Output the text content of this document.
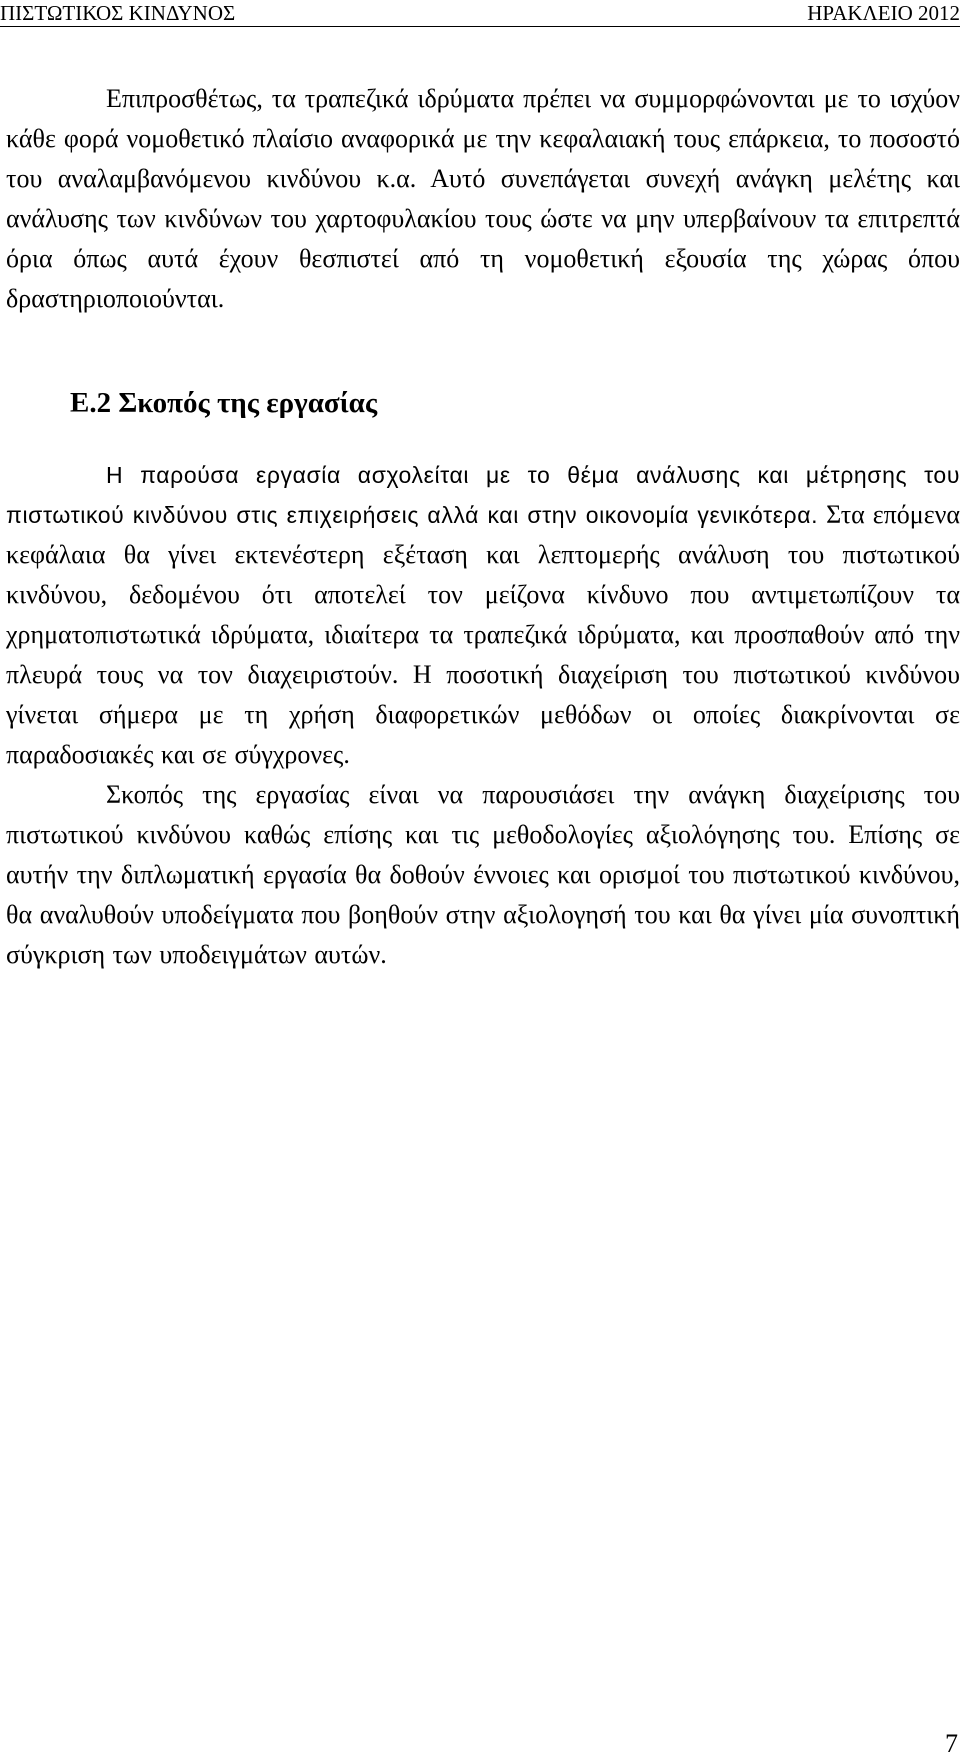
ΠΙΣΤΩΤΙΚΟΣ ΚΙΝΔΥΝΟΣ	ΗΡΑΚΛΕΙΟ 2012

Επιπροσθέτως, τα τραπεζικά ιδρύματα πρέπει να συμμορφώνονται με το ισχύον κάθε φορά νομοθετικό πλαίσιο αναφορικά με την κεφαλαιακή τους επάρκεια, το ποσοστό του αναλαμβανόμενου κινδύνου κ.α. Αυτό συνεπάγεται συνεχή ανάγκη μελέτης και ανάλυσης των κινδύνων του χαρτοφυλακίου τους ώστε να μην υπερβαίνουν τα επιτρεπτά όρια όπως αυτά έχουν θεσπιστεί από τη νομοθετική εξουσία της χώρας όπου δραστηριοποιούνται.

Ε.2 Σκοπός της εργασίας

Η παρούσα εργασία ασχολείται με το θέμα ανάλυσης και μέτρησης του πιστωτικού κινδύνου στις επιχειρήσεις αλλά και στην οικονομία γενικότερα. Στα επόμενα κεφάλαια θα γίνει εκτενέστερη εξέταση και λεπτομερής ανάλυση του πιστωτικού κινδύνου, δεδομένου ότι αποτελεί τον μείζονα κίνδυνο που αντιμετωπίζουν τα χρηματοπιστωτικά ιδρύματα, ιδιαίτερα τα τραπεζικά ιδρύματα, και προσπαθούν από την πλευρά τους να τον διαχειριστούν. Η ποσοτική διαχείριση του πιστωτικού κινδύνου γίνεται σήμερα με τη χρήση διαφορετικών μεθόδων οι οποίες διακρίνονται σε παραδοσιακές και σε σύγχρονες.

Σκοπός της εργασίας είναι να παρουσιάσει την ανάγκη διαχείρισης του πιστωτικού κινδύνου καθώς επίσης και τις μεθοδολογίες αξιολόγησης του. Επίσης σε αυτήν την διπλωματική εργασία θα δοθούν έννοιες και ορισμοί του πιστωτικού κινδύνου, θα αναλυθούν υποδείγματα που βοηθούν στην αξιολογησή του και θα γίνει μία συνοπτική σύγκριση των υποδειγμάτων αυτών.

7
